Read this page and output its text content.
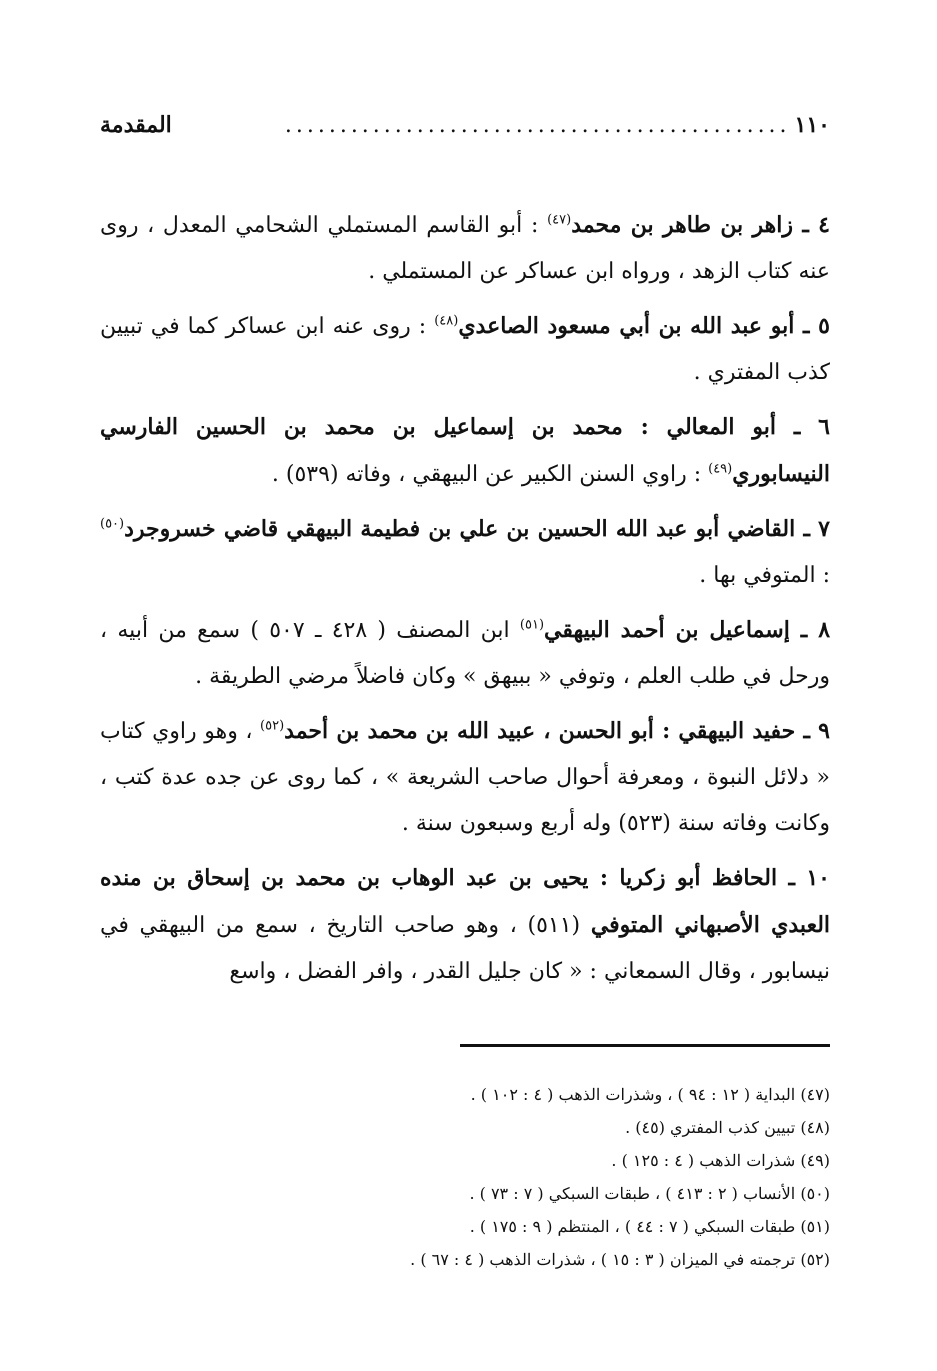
١١٠
..............................................
المقدمة

٤ ـ زاهر بن طاهر بن محمد$^{(٤٧)}$ : أبو القاسم المستملي الشحامي المعدل ، روى عنه كتاب الزهد ، ورواه ابن عساكر عن المستملي .

٥ ـ أبو عبد الله بن أبي مسعود الصاعدي$^{(٤٨)}$ : روى عنه ابن عساكر كما في تبيين كذب المفتري .

٦ ـ أبو المعالي : محمد بن إسماعيل بن محمد بن الحسين الفارسي النيسابوري$^{(٤٩)}$ : راوي السنن الكبير عن البيهقي ، وفاته (٥٣٩) .

٧ ـ القاضي أبو عبد الله الحسين بن علي بن فطيمة البيهقي قاضي خسروجرد$^{(٥٠)}$ : المتوفي بها .

٨ ـ إسماعيل بن أحمد البيهقي$^{(٥١)}$ ابن المصنف ( ٤٢٨ ـ ٥٠٧ ) سمع من أبيه ، ورحل في طلب العلم ، وتوفي « ببيهق » وكان فاضلاً مرضي الطريقة .

٩ ـ حفيد البيهقي : أبو الحسن ، عبيد الله بن محمد بن أحمد$^{(٥٢)}$ ، وهو راوي كتاب « دلائل النبوة ، ومعرفة أحوال صاحب الشريعة » ، كما روى عن جده عدة كتب ، وكانت وفاته سنة (٥٢٣) وله أربع وسبعون سنة .

١٠ ـ الحافظ أبو زكريا : يحيى بن عبد الوهاب بن محمد بن إسحاق بن منده العبدي الأصبهاني المتوفي (٥١١) ، وهو صاحب التاريخ ، سمع من البيهقي في نيسابور ، وقال السمعاني : « كان جليل القدر ، وافر الفضل ، واسع

(٤٧) البداية ( ١٢ : ٩٤ ) ، وشذرات الذهب ( ٤ : ١٠٢ ) .
(٤٨) تبيين كذب المفتري (٤٥) .
(٤٩) شذرات الذهب ( ٤ : ١٢٥ ) .
(٥٠) الأنساب ( ٢ : ٤١٣ ) ، طبقات السبكي ( ٧ : ٧٣ ) .
(٥١) طبقات السبكي ( ٧ : ٤٤ ) ، المنتظم ( ٩ : ١٧٥ ) .
(٥٢) ترجمته في الميزان ( ٣ : ١٥ ) ، شذرات الذهب ( ٤ : ٦٧ ) .
